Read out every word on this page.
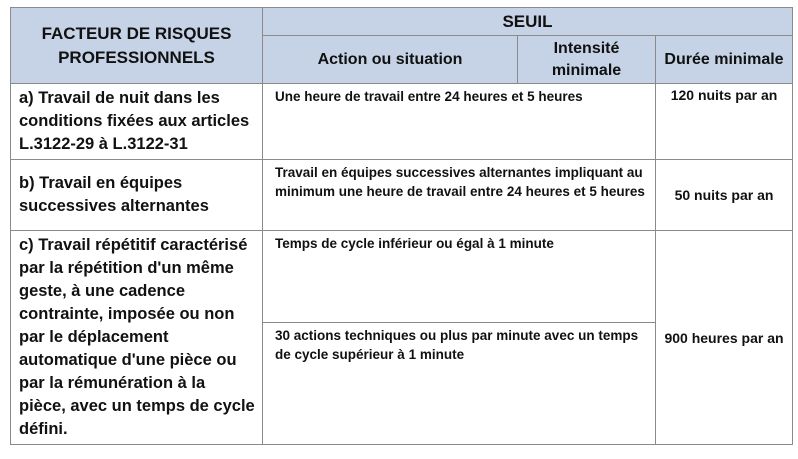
FACTEUR DE RISQUES PROFESSIONNELS	SEUIL		
	Action ou situation	Intensité minimale	Durée minimale
a) Travail de nuit dans les conditions fixées aux articles L.3122-29 à L.3122-31	Une heure de travail entre 24 heures et 5 heures		120 nuits par an
b) Travail en équipes successives alternantes	Travail en équipes successives alternantes impliquant au minimum une heure de travail entre 24 heures et 5 heures		50 nuits par an
c) Travail répétitif caractérisé par la répétition d'un même geste, à une cadence contrainte, imposée ou non par le déplacement automatique d'une pièce ou par la rémunération à la pièce, avec un temps de cycle défini.	Temps de cycle inférieur ou égal à 1 minute		900 heures par an
	30 actions techniques ou plus par minute avec un temps de cycle supérieur à 1 minute		
